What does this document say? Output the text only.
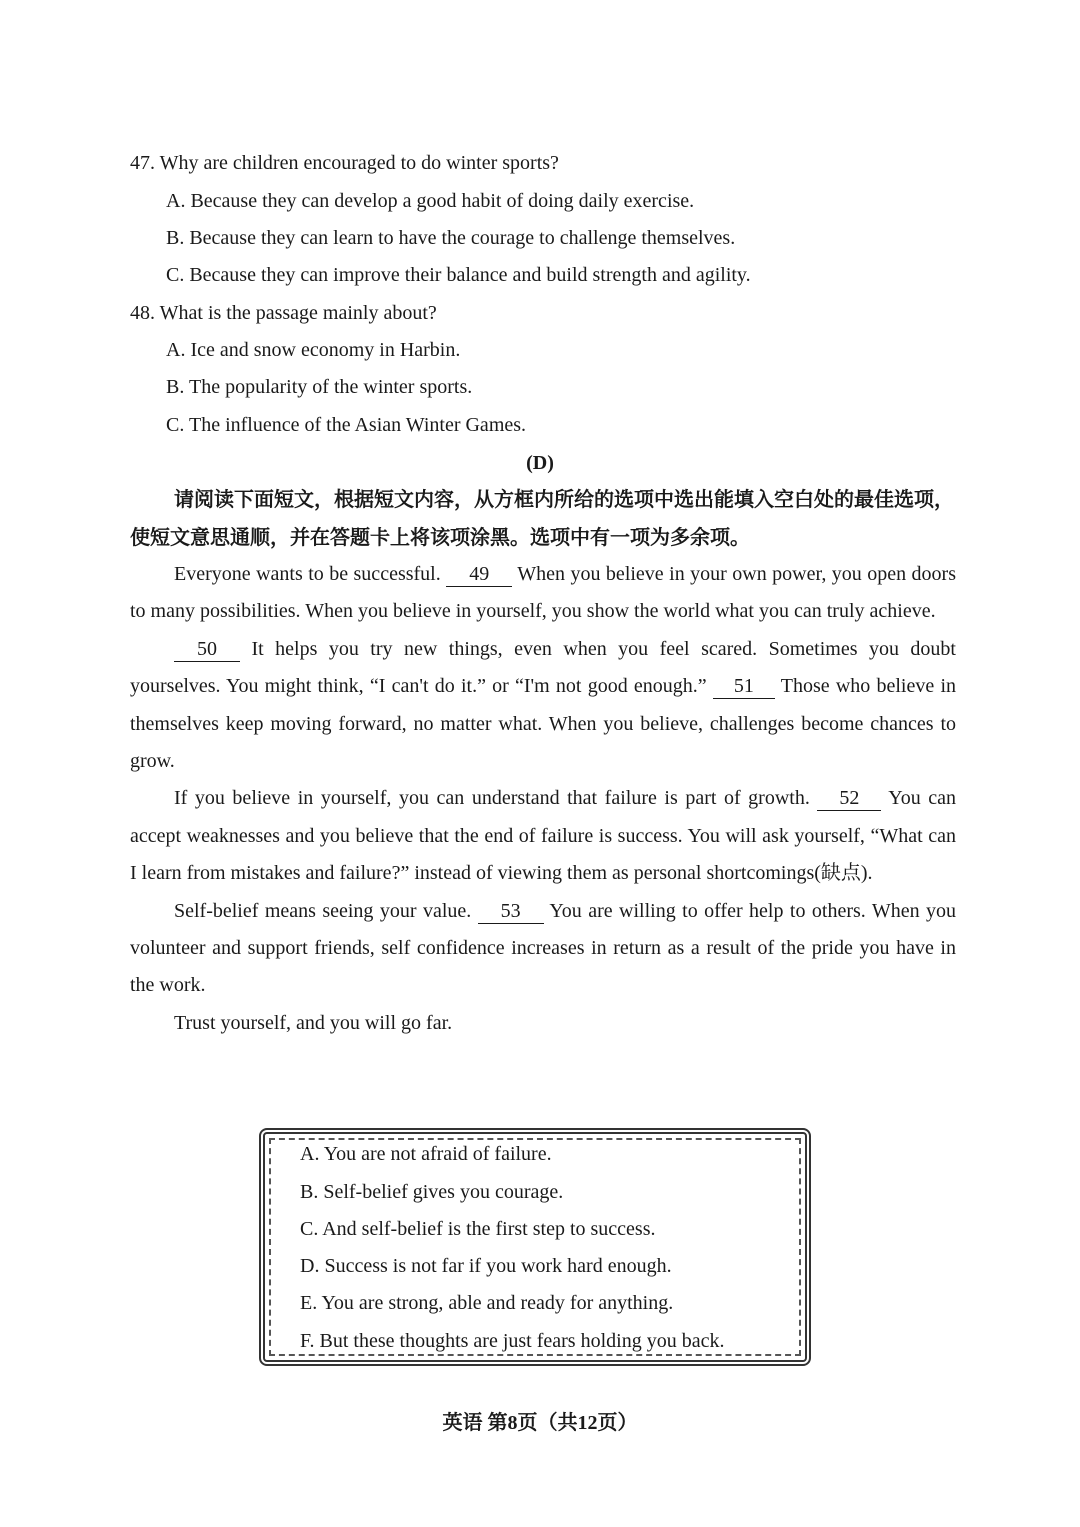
47. Why are children encouraged to do winter sports?
A. Because they can develop a good habit of doing daily exercise.
B. Because they can learn to have the courage to challenge themselves.
C. Because they can improve their balance and build strength and agility.
48. What is the passage mainly about?
A. Ice and snow economy in Harbin.
B. The popularity of the winter sports.
C. The influence of the Asian Winter Games.
(D)
请阅读下面短文，根据短文内容，从方框内所给的选项中选出能填入空白处的最佳选项，使短文意思通顺，并在答题卡上将该项涂黑。选项中有一项为多余项。

Everyone wants to be successful. 49 When you believe in your own power, you open doors to many possibilities. When you believe in yourself, you show the world what you can truly achieve.

50 It helps you try new things, even when you feel scared. Sometimes you doubt yourselves. You might think, “I can't do it.” or “I'm not good enough.” 51 Those who believe in themselves keep moving forward, no matter what. When you believe, challenges become chances to grow.

If you believe in yourself, you can understand that failure is part of growth. 52 You can accept weaknesses and you believe that the end of failure is success. You will ask yourself, “What can I learn from mistakes and failure?” instead of viewing them as personal shortcomings(缺点).

Self-belief means seeing your value. 53 You are willing to offer help to others. When you volunteer and support friends, self confidence increases in return as a result of the pride you have in the work.

Trust yourself, and you will go far.

A. You are not afraid of failure.
B. Self-belief gives you courage.
C. And self-belief is the first step to success.
D. Success is not far if you work hard enough.
E. You are strong, able and ready for anything.
F. But these thoughts are just fears holding you back.
英语 第8页（共12页）
